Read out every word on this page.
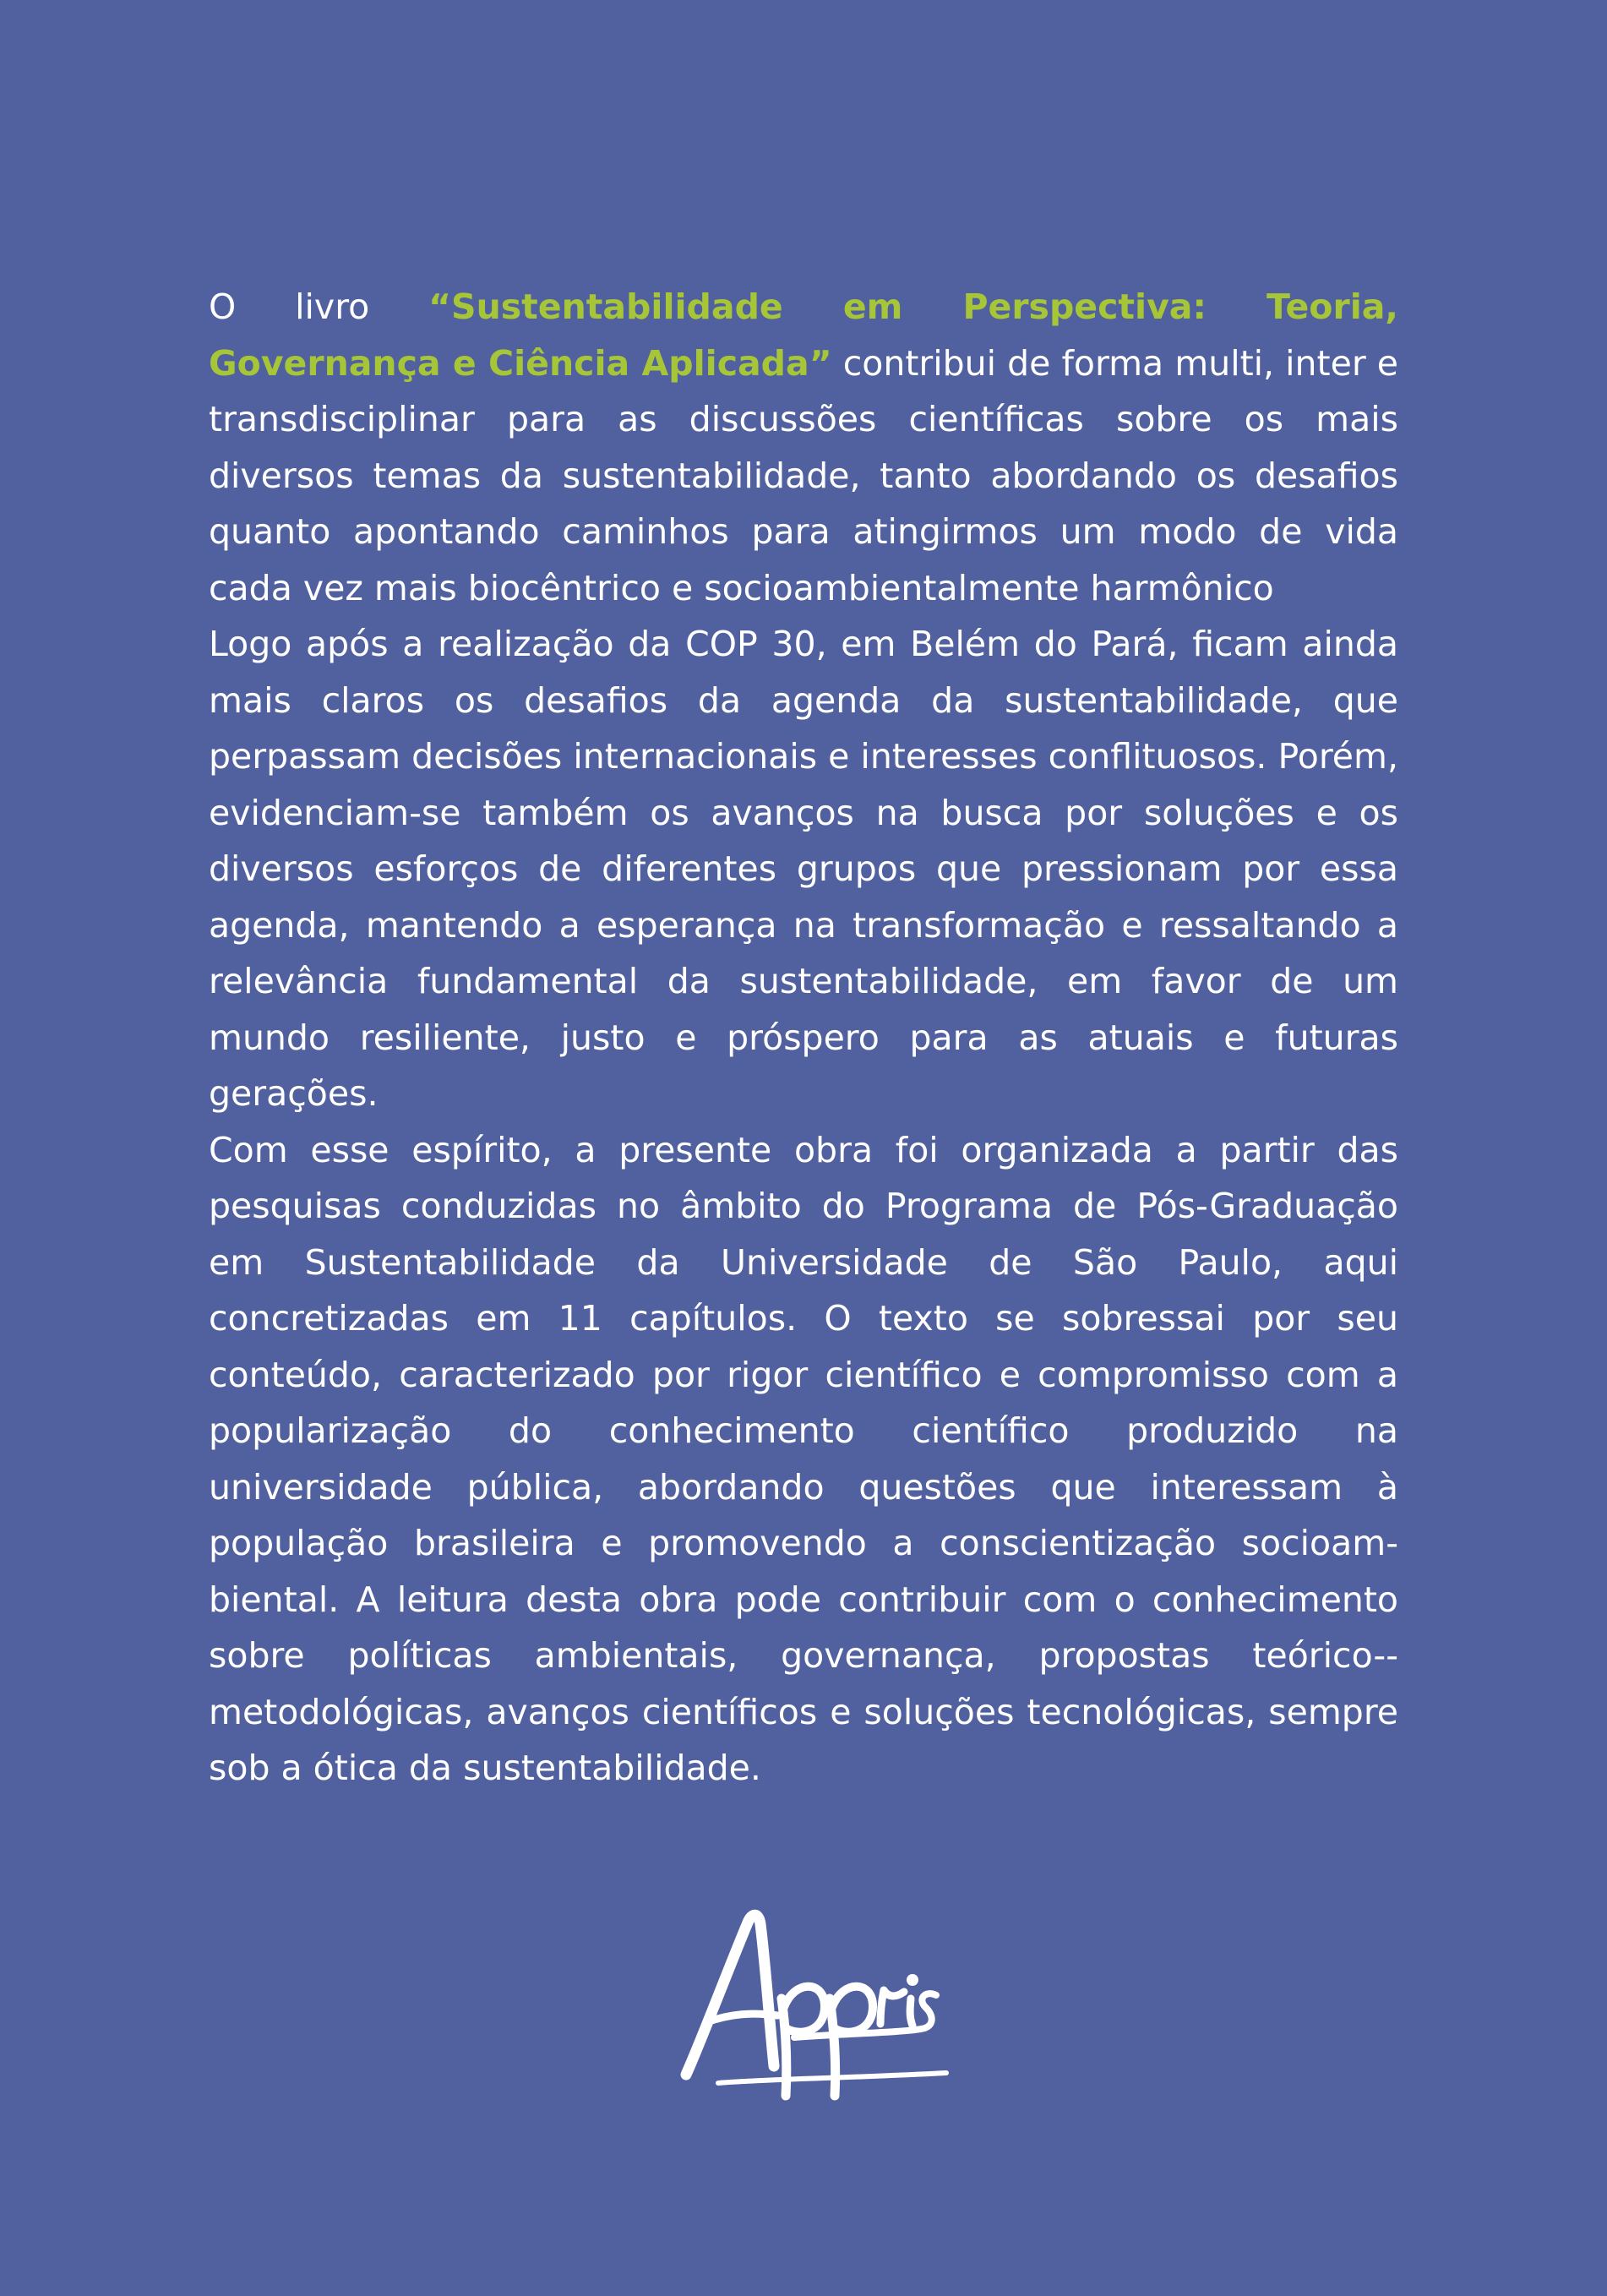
O livro “Sustentabilidade em Perspectiva: Teoria, Governança e Ciência Aplicada” contribui de forma multi, inter e transdisciplinar para as discussões científicas sobre os mais diversos temas da sustentabilidade, tanto abordando os desafios quanto apontando caminhos para atingirmos um modo de vida cada vez mais biocêntrico e socioambientalmente harmônico

Logo após a realização da COP 30, em Belém do Pará, ficam ainda mais claros os desafios da agenda da sustentabilidade, que perpassam decisões internacionais e interesses conflituosos. Porém, evidenciam-se também os avanços na busca por soluções e os diversos esforços de diferentes grupos que pressionam por essa agenda, mantendo a esperança na transformação e ressaltando a relevância fundamental da sustentabilidade, em favor de um mundo resiliente, justo e próspero para as atuais e futuras gerações.

Com esse espírito, a presente obra foi organizada a partir das pesquisas conduzidas no âmbito do Programa de Pós-Graduação em Sustentabilidade da Universidade de São Paulo, aqui concretizadas em 11 capítulos. O texto se sobressai por seu conteúdo, caracterizado por rigor científico e compromisso com a popularização do conhecimento científico produzido na universidade pública, abordando questões que interessam à população brasileira e promovendo a conscientização socioambiental. A leitura desta obra pode contribuir com o conhecimento sobre políticas ambientais, governança, propostas teórico--metodológicas, avanços científicos e soluções tecnológicas, sempre sob a ótica da sustentabilidade.
